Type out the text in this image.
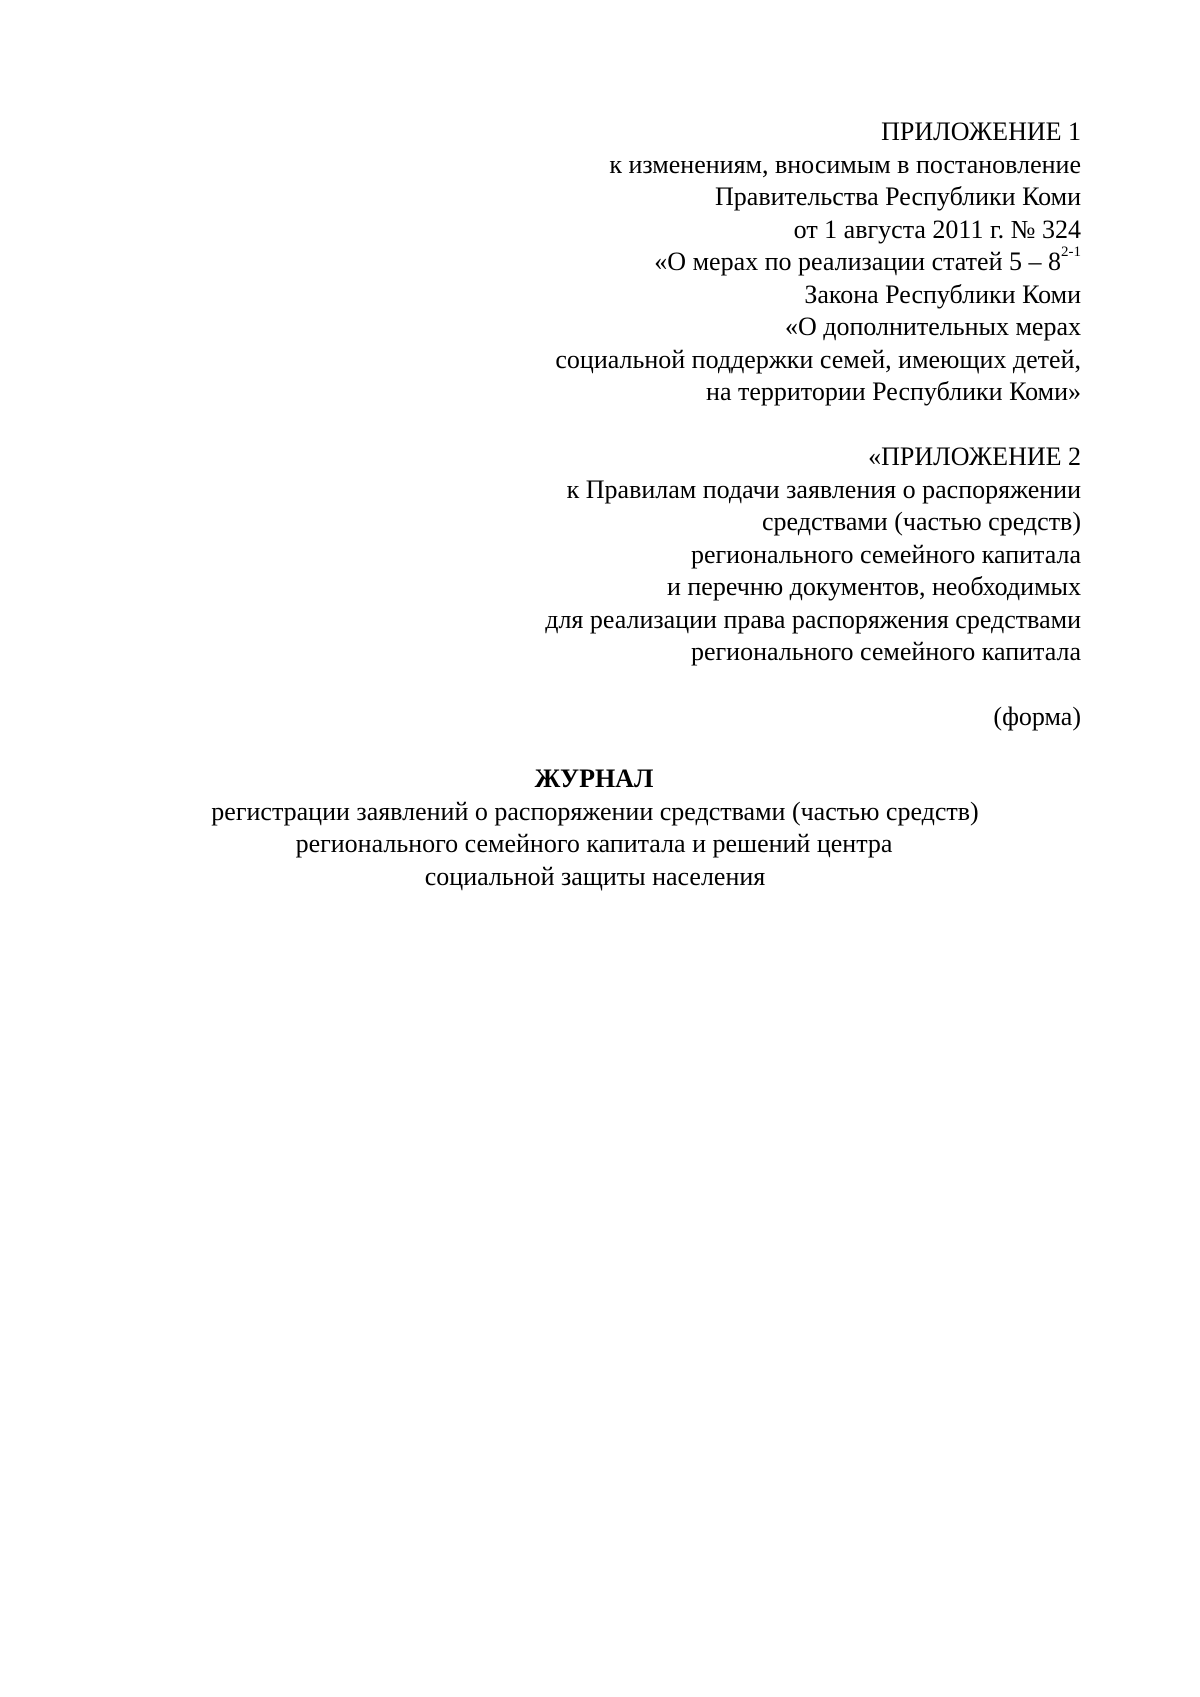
ПРИЛОЖЕНИЕ 1
к изменениям, вносимым в постановление
Правительства Республики Коми
от 1 августа 2011 г. № 324
«О мерах по реализации статей 5 – 8$^{2-1}$
Закона Республики Коми
«О дополнительных мерах
социальной поддержки семей, имеющих детей,
на территории Республики Коми»
«ПРИЛОЖЕНИЕ 2
к Правилам подачи заявления о распоряжении
средствами (частью средств)
регионального семейного капитала
и перечню документов, необходимых
для реализации права распоряжения средствами
регионального семейного капитала
(форма)
ЖУРНАЛ
регистрации заявлений о распоряжении средствами (частью средств)
регионального семейного капитала и решений центра
социальной защиты населения
